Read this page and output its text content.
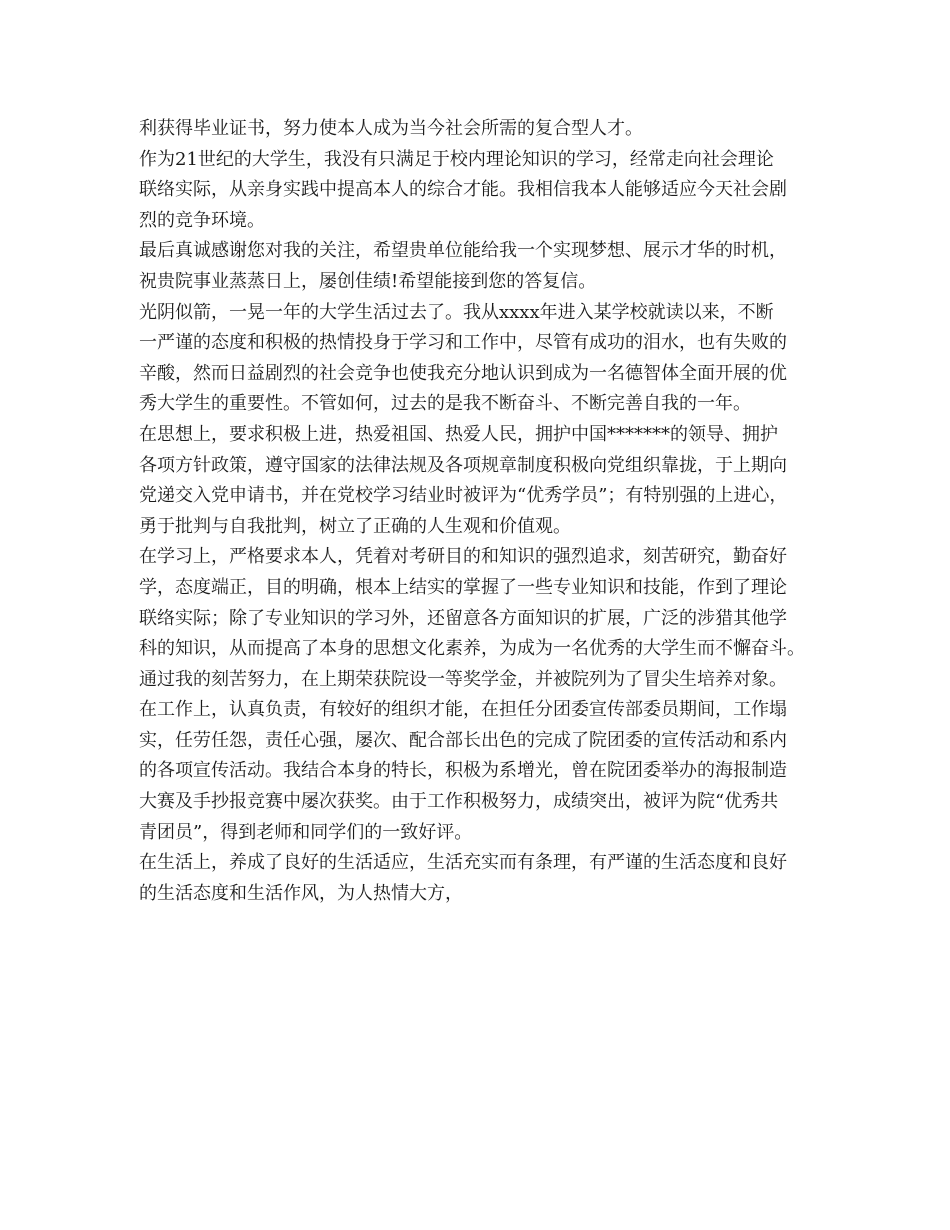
利获得毕业证书，努力使本人成为当今社会所需的复合型人才。
作为21世纪的大学生，我没有只满足于校内理论知识的学习，经常走向社会理论
联络实际，从亲身实践中提高本人的综合才能。我相信我本人能够适应今天社会剧
烈的竞争环境。
最后真诚感谢您对我的关注，希望贵单位能给我一个实现梦想、展示才华的时机，
祝贵院事业蒸蒸日上，屡创佳绩!希望能接到您的答复信。
光阴似箭，一晃一年的大学生活过去了。我从xxxx年进入某学校就读以来，不断
一严谨的态度和积极的热情投身于学习和工作中，尽管有成功的泪水，也有失败的
辛酸，然而日益剧烈的社会竞争也使我充分地认识到成为一名德智体全面开展的优
秀大学生的重要性。不管如何，过去的是我不断奋斗、不断完善自我的一年。
在思想上，要求积极上进，热爱祖国、热爱人民，拥护中国*******的领导、拥护
各项方针政策，遵守国家的法律法规及各项规章制度积极向党组织靠拢，于上期向
党递交入党申请书，并在党校学习结业时被评为“优秀学员”；有特别强的上进心，
勇于批判与自我批判，树立了正确的人生观和价值观。
在学习上，严格要求本人，凭着对考研目的和知识的强烈追求，刻苦研究，勤奋好
学，态度端正，目的明确，根本上结实的掌握了一些专业知识和技能，作到了理论
联络实际；除了专业知识的学习外，还留意各方面知识的扩展，广泛的涉猎其他学
科的知识，从而提高了本身的思想文化素养，为成为一名优秀的大学生而不懈奋斗。
通过我的刻苦努力，在上期荣获院设一等奖学金，并被院列为了冒尖生培养对象。
在工作上，认真负责，有较好的组织才能，在担任分团委宣传部委员期间，工作塌
实，任劳任怨，责任心强，屡次、配合部长出色的完成了院团委的宣传活动和系内
的各项宣传活动。我结合本身的特长，积极为系增光，曾在院团委举办的海报制造
大赛及手抄报竞赛中屡次获奖。由于工作积极努力，成绩突出，被评为院“优秀共
青团员”，得到老师和同学们的一致好评。
在生活上，养成了良好的生活适应，生活充实而有条理，有严谨的生活态度和良好
的生活态度和生活作风，为人热情大方，
